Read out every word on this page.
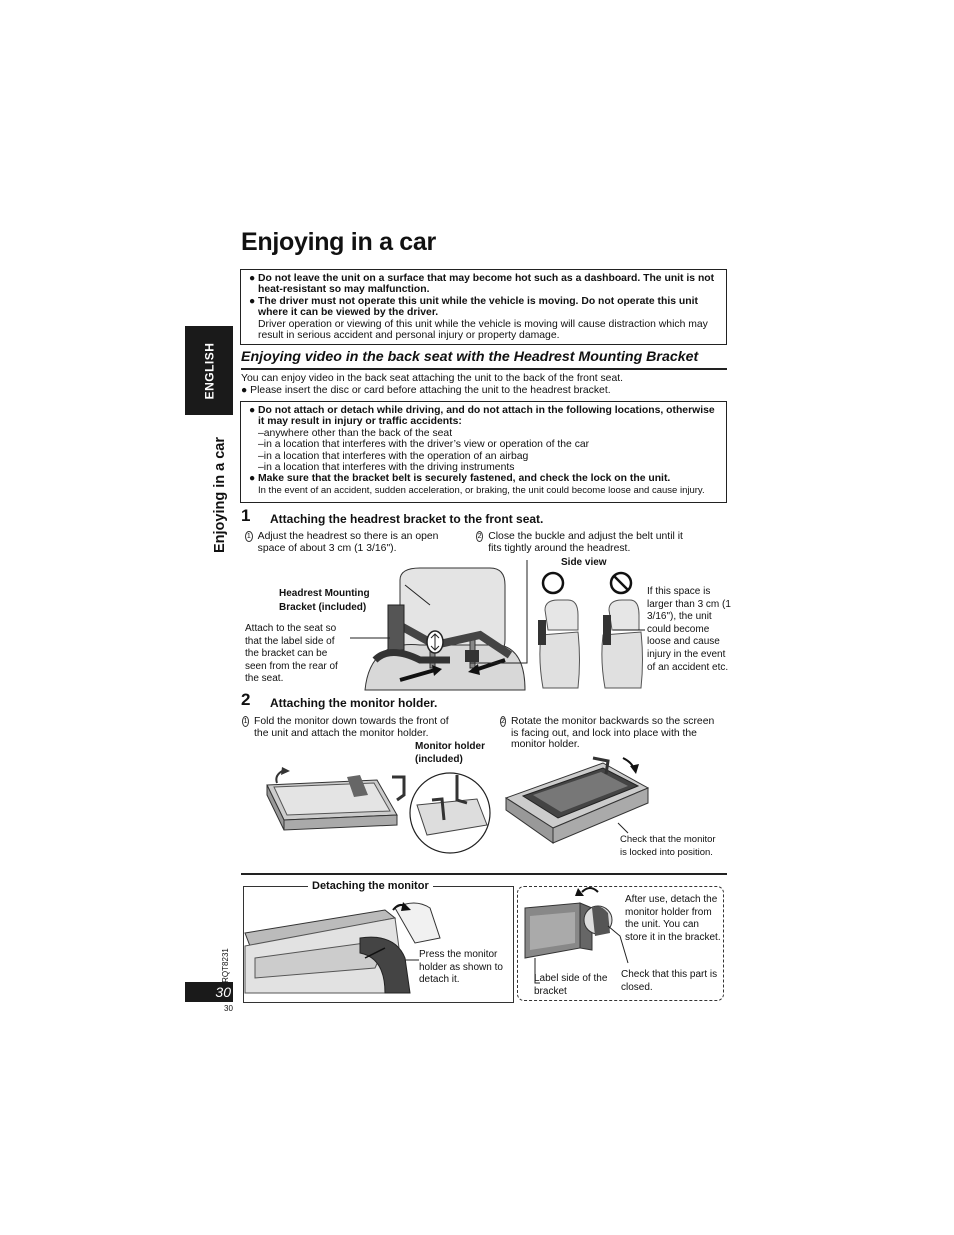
Enjoying in a car
ENGLISH
Enjoying in a car
● Do not leave the unit on a surface that may become hot such as a dashboard. The unit is not heat-resistant so may malfunction.
● The driver must not operate this unit while the vehicle is moving. Do not operate this unit where it can be viewed by the driver.
Driver operation or viewing of this unit while the vehicle is moving will cause distraction which may result in serious accident and personal injury or property damage.
Enjoying video in the back seat with the Headrest Mounting Bracket
You can enjoy video in the back seat attaching the unit to the back of the front seat.
● Please insert the disc or card before attaching the unit to the headrest bracket.
● Do not attach or detach while driving, and do not attach in the following locations, otherwise it may result in injury or traffic accidents:
–anywhere other than the back of the seat
–in a location that interferes with the driver’s view or operation of the car
–in a location that interferes with the operation of an airbag
–in a location that interferes with the driving instruments
● Make sure that the bracket belt is securely fastened, and check the lock on the unit.
In the event of an accident, sudden acceleration, or braking, the unit could become loose and cause injury.
1 Attaching the headrest bracket to the front seat.
1 Adjust the headrest so there is an open space of about 3 cm (1 3/16").
2 Close the buckle and adjust the belt until it fits tightly around the headrest.
Side view
Headrest Mounting Bracket (included)
Attach to the seat so that the label side of the bracket can be seen from the rear of the seat.
If this space is larger than 3 cm (1 3/16"), the unit could become loose and cause injury in the event of an accident etc.
2 Attaching the monitor holder.
1 Fold the monitor down towards the front of the unit and attach the monitor holder.
2 Rotate the monitor backwards so the screen is facing out, and lock into place with the monitor holder.
Monitor holder (included)
Check that the monitor is locked into position.
Detaching the monitor
Press the monitor holder as shown to detach it.
After use, detach the monitor holder from the unit. You can store it in the bracket.
Check that this part is closed.
Label side of the bracket
RQT8231
30
30
